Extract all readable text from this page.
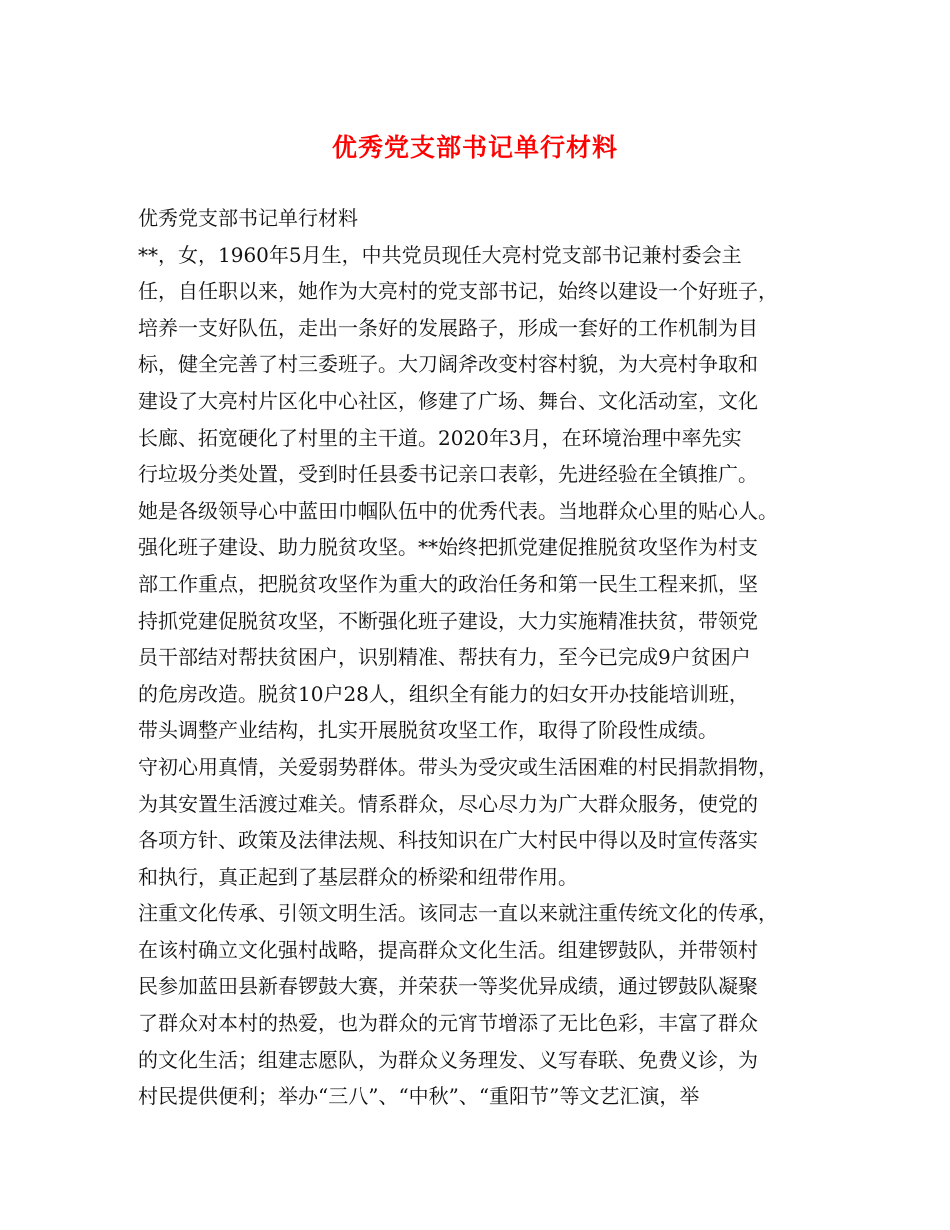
优秀党支部书记单行材料
优秀党支部书记单行材料
**，女，1960年5月生，中共党员现任大亮村党支部书记兼村委会主
任，自任职以来，她作为大亮村的党支部书记，始终以建设一个好班子，
培养一支好队伍，走出一条好的发展路子，形成一套好的工作机制为目
标，健全完善了村三委班子。大刀阔斧改变村容村貌，为大亮村争取和
建设了大亮村片区化中心社区，修建了广场、舞台、文化活动室，文化
长廊、拓宽硬化了村里的主干道。2020年3月，在环境治理中率先实
行垃圾分类处置，受到时任县委书记亲口表彰，先进经验在全镇推广。
她是各级领导心中蓝田巾帼队伍中的优秀代表。当地群众心里的贴心人。
强化班子建设、助力脱贫攻坚。**始终把抓党建促推脱贫攻坚作为村支
部工作重点，把脱贫攻坚作为重大的政治任务和第一民生工程来抓，坚
持抓党建促脱贫攻坚，不断强化班子建设，大力实施精准扶贫，带领党
员干部结对帮扶贫困户，识别精准、帮扶有力，至今已完成9户贫困户
的危房改造。脱贫10户28人，组织全有能力的妇女开办技能培训班，
带头调整产业结构，扎实开展脱贫攻坚工作，取得了阶段性成绩。
守初心用真情，关爱弱势群体。带头为受灾或生活困难的村民捐款捐物，
为其安置生活渡过难关。情系群众，尽心尽力为广大群众服务，使党的
各项方针、政策及法律法规、科技知识在广大村民中得以及时宣传落实
和执行，真正起到了基层群众的桥梁和纽带作用。
注重文化传承、引领文明生活。该同志一直以来就注重传统文化的传承，
在该村确立文化强村战略，提高群众文化生活。组建锣鼓队，并带领村
民参加蓝田县新春锣鼓大赛，并荣获一等奖优异成绩，通过锣鼓队凝聚
了群众对本村的热爱，也为群众的元宵节增添了无比色彩，丰富了群众
的文化生活；组建志愿队，为群众义务理发、义写春联、免费义诊，为
村民提供便利；举办“三八”、“中秋”、“重阳节”等文艺汇演，举
